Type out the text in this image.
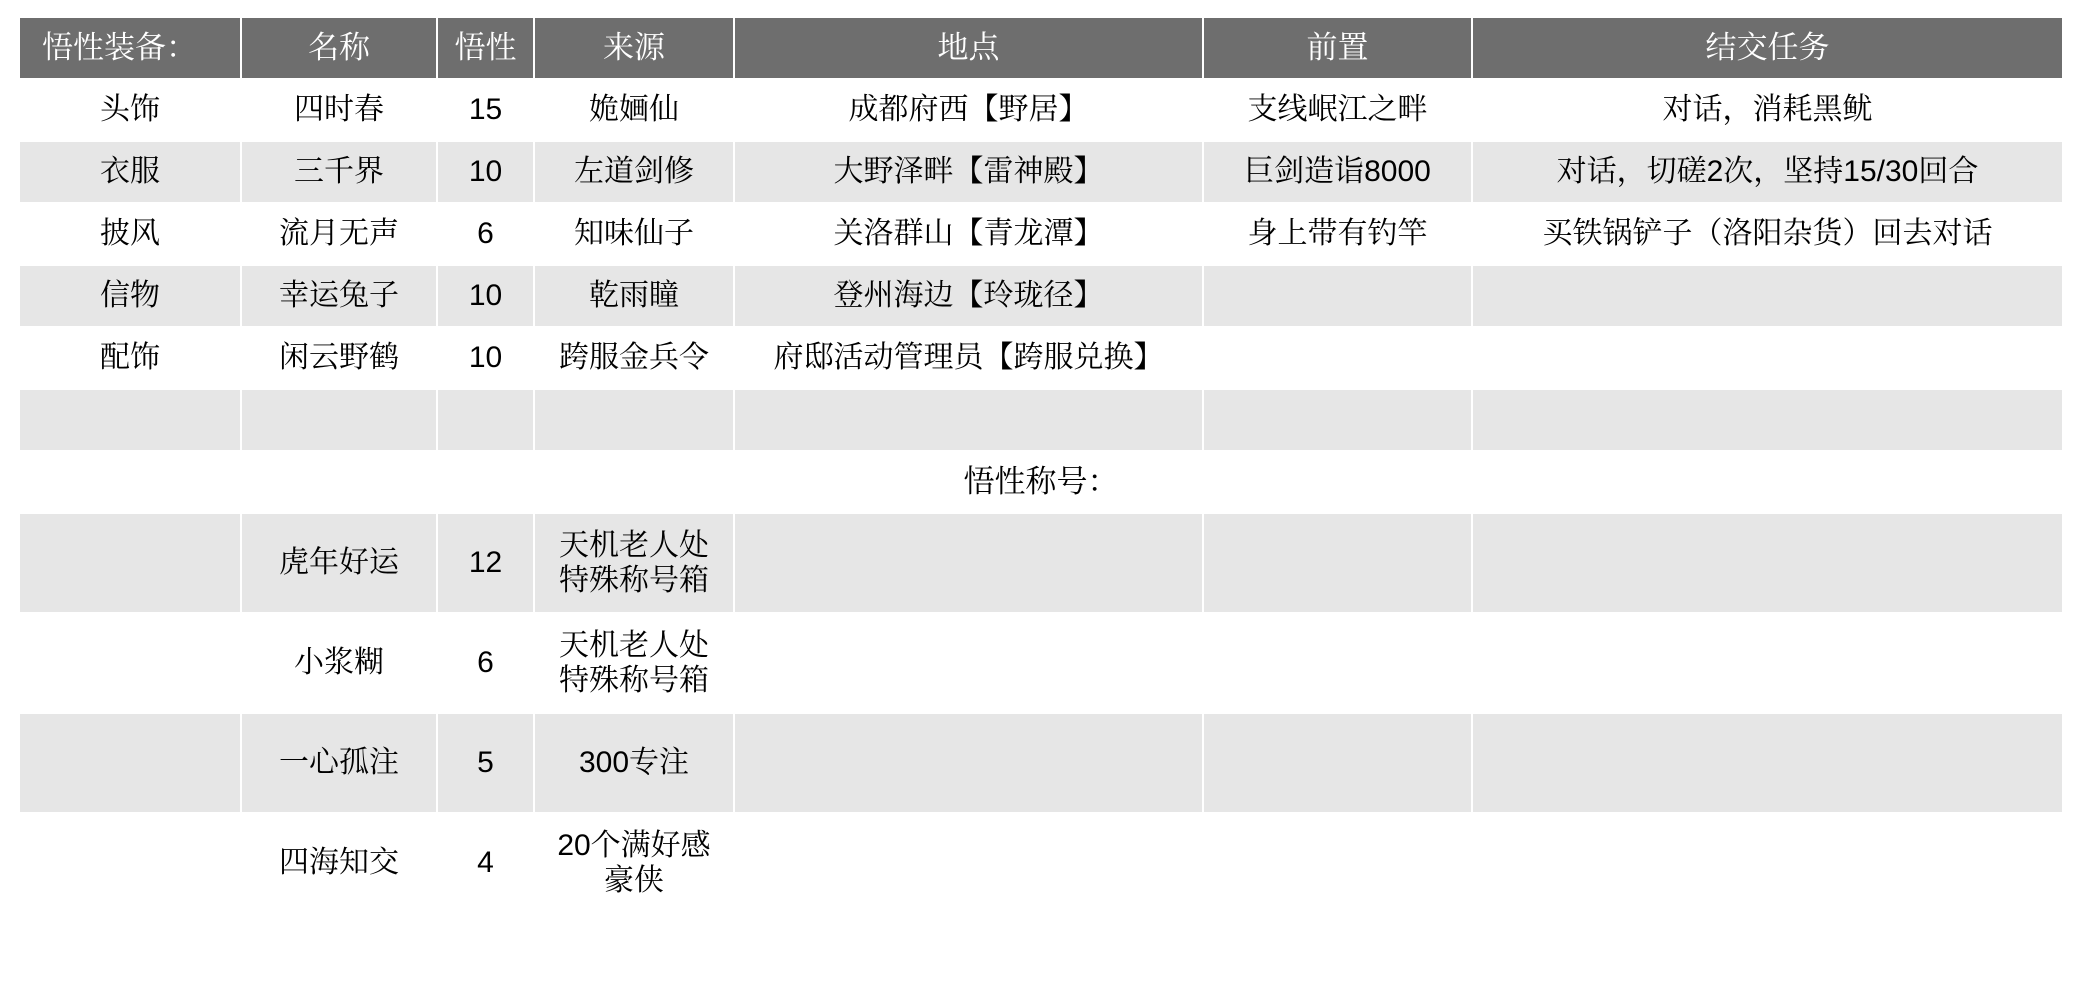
悟性装备：	名称	悟性	来源	地点	前置	结交任务
头饰	四时春	15	姽婳仙	成都府西【野居】	支线岷江之畔	对话，消耗黑鱿
衣服	三千界	10	左道剑修	大野泽畔【雷神殿】	巨剑造诣8000	对话，切磋2次，坚持15/30回合
披风	流月无声	6	知味仙子	关洛群山【青龙潭】	身上带有钓竿	买铁锅铲子（洛阳杂货）回去对话
信物	幸运兔子	10	乾雨瞳	登州海边【玲珑径】		
配饰	闲云野鹤	10	跨服金兵令	府邸活动管理员【跨服兑换】		

悟性称号：						
	虎年好运	12	天机老人处
特殊称号箱			

	小浆糊	6	天机老人处
特殊称号箱			

	一心孤注	5	300专注			

	四海知交	4	20个满好感
豪侠			
